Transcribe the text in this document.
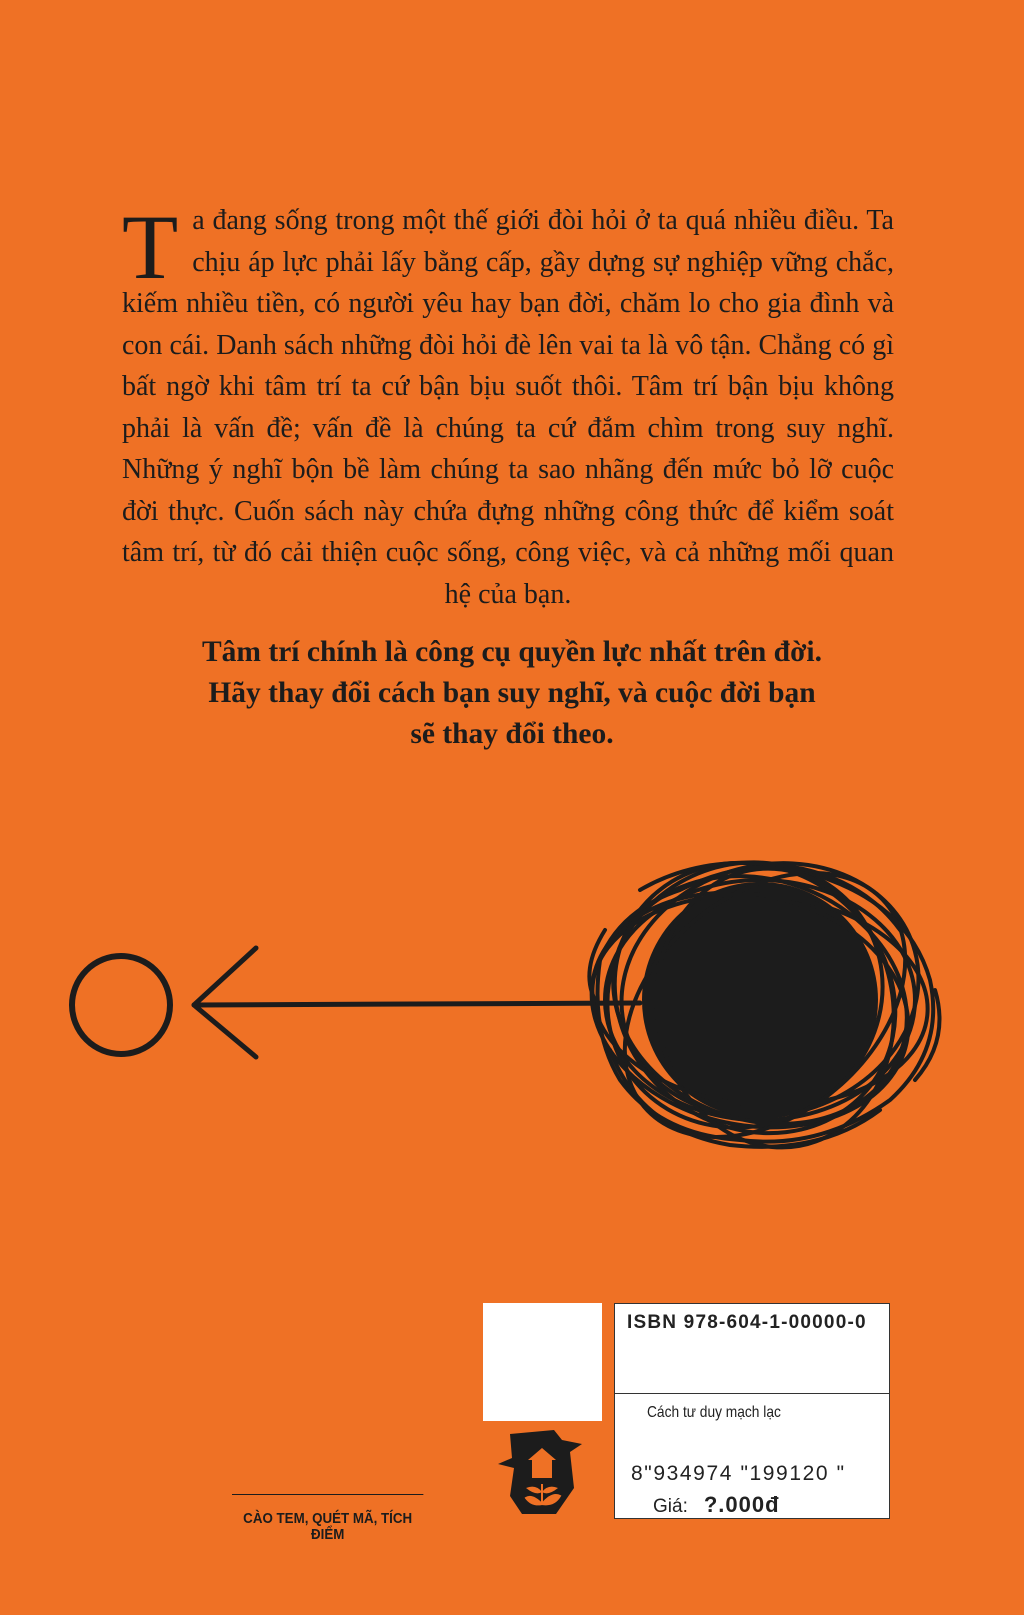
Ta đang sống trong một thế giới đòi hỏi ở ta quá nhiều điều. Ta chịu áp lực phải lấy bằng cấp, gầy dựng sự nghiệp vững chắc, kiếm nhiều tiền, có người yêu hay bạn đời, chăm lo cho gia đình và con cái. Danh sách những đòi hỏi đè lên vai ta là vô tận. Chẳng có gì bất ngờ khi tâm trí ta cứ bận bịu suốt thôi. Tâm trí bận bịu không phải là vấn đề; vấn đề là chúng ta cứ đắm chìm trong suy nghĩ. Những ý nghĩ bộn bề làm chúng ta sao nhãng đến mức bỏ lỡ cuộc đời thực. Cuốn sách này chứa đựng những công thức để kiểm soát tâm trí, từ đó cải thiện cuộc sống, công việc, và cả những mối quan hệ của bạn.

Tâm trí chính là công cụ quyền lực nhất trên đời.
Hãy thay đổi cách bạn suy nghĩ, và cuộc đời bạn
sẽ thay đổi theo.
ISBN 978-604-1-00000-0
Cách tư duy mạch lạc
8"934974 "199120 "
Giá: ?.000đ
CÀO TEM, QUÉT MÃ, TÍCH ĐIỂM
